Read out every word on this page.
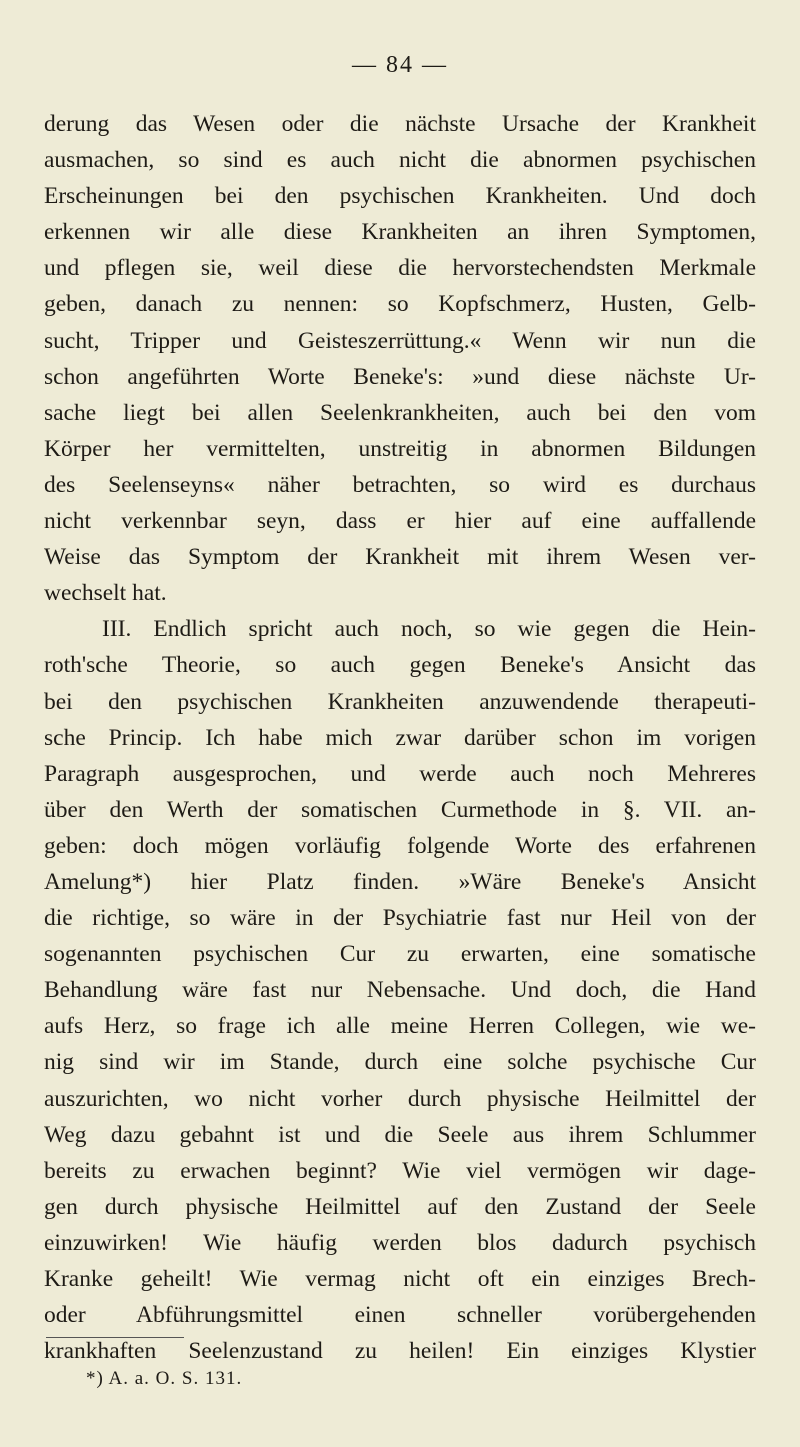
— 84 —
derung das Wesen oder die nächste Ursache der Krankheit
ausmachen, so sind es auch nicht die abnormen psychischen
Erscheinungen bei den psychischen Krankheiten. Und doch
erkennen wir alle diese Krankheiten an ihren Symptomen,
und pflegen sie, weil diese die hervorstechendsten Merkmale
geben, danach zu nennen: so Kopfschmerz, Husten, Gelb-
sucht, Tripper und Geisteszerrüttung.« Wenn wir nun die
schon angeführten Worte Beneke's: »und diese nächste Ur-
sache liegt bei allen Seelenkrankheiten, auch bei den vom
Körper her vermittelten, unstreitig in abnormen Bildungen
des Seelenseyns« näher betrachten, so wird es durchaus
nicht verkennbar seyn, dass er hier auf eine auffallende
Weise das Symptom der Krankheit mit ihrem Wesen ver-
wechselt hat.
III. Endlich spricht auch noch, so wie gegen die Hein-
roth'sche Theorie, so auch gegen Beneke's Ansicht das
bei den psychischen Krankheiten anzuwendende therapeuti-
sche Princip. Ich habe mich zwar darüber schon im vorigen
Paragraph ausgesprochen, und werde auch noch Mehreres
über den Werth der somatischen Curmethode in §. VII. an-
geben: doch mögen vorläufig folgende Worte des erfahrenen
Amelung*) hier Platz finden. »Wäre Beneke's Ansicht
die richtige, so wäre in der Psychiatrie fast nur Heil von der
sogenannten psychischen Cur zu erwarten, eine somatische
Behandlung wäre fast nur Nebensache. Und doch, die Hand
aufs Herz, so frage ich alle meine Herren Collegen, wie we-
nig sind wir im Stande, durch eine solche psychische Cur
auszurichten, wo nicht vorher durch physische Heilmittel der
Weg dazu gebahnt ist und die Seele aus ihrem Schlummer
bereits zu erwachen beginnt? Wie viel vermögen wir dage-
gen durch physische Heilmittel auf den Zustand der Seele
einzuwirken! Wie häufig werden blos dadurch psychisch
Kranke geheilt! Wie vermag nicht oft ein einziges Brech-
oder Abführungsmittel einen schneller vorübergehenden
krankhaften Seelenzustand zu heilen! Ein einziges Klystier
*) A. a. O. S. 131.
